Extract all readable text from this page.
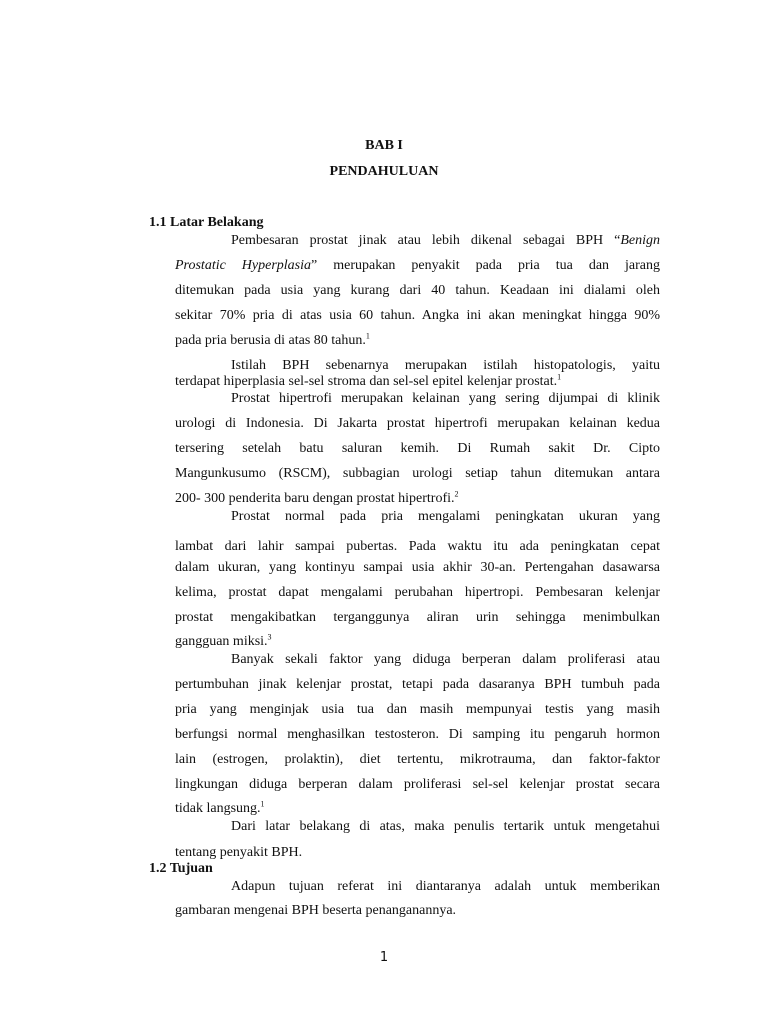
BAB I
PENDAHULUAN
1.1 Latar Belakang
Pembesaran prostat jinak atau lebih dikenal sebagai BPH “Benign
Prostatic Hyperplasia” merupakan penyakit pada pria tua dan jarang
ditemukan pada usia yang kurang dari 40 tahun. Keadaan ini dialami oleh
sekitar 70% pria di atas usia 60 tahun. Angka ini akan meningkat hingga 90%
pada pria berusia di atas 80 tahun.$^1$
Istilah BPH sebenarnya merupakan istilah histopatologis, yaitu
terdapat hiperplasia sel-sel stroma dan sel-sel epitel kelenjar prostat.$^1$
Prostat hipertrofi merupakan kelainan yang sering dijumpai di klinik
urologi di Indonesia. Di Jakarta prostat hipertrofi merupakan kelainan kedua
tersering setelah batu saluran kemih. Di Rumah sakit Dr. Cipto
Mangunkusumo (RSCM), subbagian urologi setiap tahun ditemukan antara
200- 300 penderita baru dengan prostat hipertrofi.$^2$
Prostat normal pada pria mengalami peningkatan ukuran yang
lambat dari lahir sampai pubertas. Pada waktu itu ada peningkatan cepat
dalam ukuran, yang kontinyu sampai usia akhir 30-an. Pertengahan dasawarsa
kelima, prostat dapat mengalami perubahan hipertropi. Pembesaran kelenjar
prostat mengakibatkan terganggunya aliran urin sehingga menimbulkan
gangguan miksi.$^3$
Banyak sekali faktor yang diduga berperan dalam proliferasi atau
pertumbuhan jinak kelenjar prostat, tetapi pada dasaranya BPH tumbuh pada
pria yang menginjak usia tua dan masih mempunyai testis yang masih
berfungsi normal menghasilkan testosteron. Di samping itu pengaruh hormon
lain (estrogen, prolaktin), diet tertentu, mikrotrauma, dan faktor-faktor
lingkungan diduga berperan dalam proliferasi sel-sel kelenjar prostat secara
tidak langsung.$^1$
Dari latar belakang di atas, maka penulis tertarik untuk mengetahui
tentang penyakit BPH.
1.2 Tujuan
Adapun tujuan referat ini diantaranya adalah untuk memberikan
gambaran mengenai BPH beserta penanganannya.
1
